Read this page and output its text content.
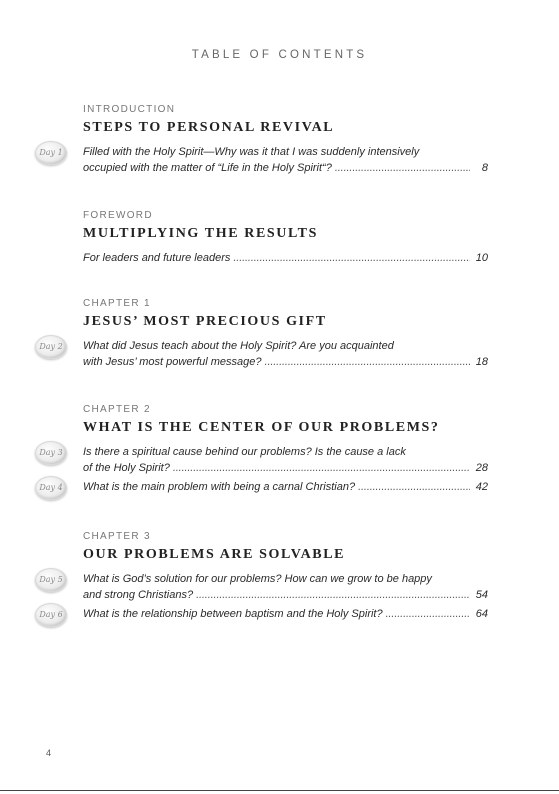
TABLE OF CONTENTS
INTRODUCTION
STEPS TO PERSONAL REVIVAL
Day 1	Filled with the Holy Spirit—Why was it that I was suddenly intensively
occupied with the matter of “Life in the Holy Spirit“? . . .	8
FOREWORD
MULTIPLYING THE RESULTS
For leaders and future leaders . . .	10
CHAPTER 1
JESUS’ MOST PRECIOUS GIFT
Day 2	What did Jesus teach about the Holy Spirit? Are you acquainted
with Jesus’ most powerful message? . . .	18
CHAPTER 2
WHAT IS THE CENTER OF OUR PROBLEMS?
Day 3	Is there a spiritual cause behind our problems? Is the cause a lack
of the Holy Spirit? . . .	28
Day 4	What is the main problem with being a carnal Christian? . . .	42
CHAPTER 3
OUR PROBLEMS ARE SOLVABLE
Day 5	What is God’s solution for our problems? How can we grow to be happy
and strong Christians? . . .	54
Day 6	What is the relationship between baptism and the Holy Spirit? . . .	64
4
